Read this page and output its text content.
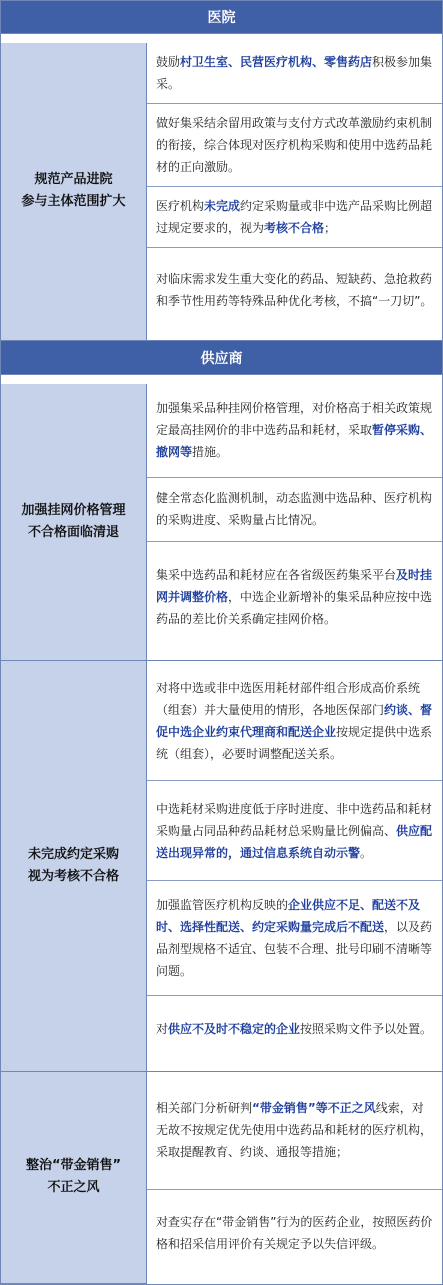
医院
规范产品进院
参与主体范围扩大

鼓励村卫生室、民营医疗机构、零售药店积极参加集采。

做好集采结余留用政策与支付方式改革激励约束机制的衔接，综合体现对医疗机构采购和使用中选药品耗材的正向激励。

医疗机构未完成约定采购量或非中选产品采购比例超过规定要求的，视为考核不合格；

对临床需求发生重大变化的药品、短缺药、急抢救药和季节性用药等特殊品种优化考核，不搞“一刀切”。

供应商
加强挂网价格管理
不合格面临清退

加强集采品种挂网价格管理，对价格高于相关政策规定最高挂网价的非中选药品和耗材，采取暂停采购、撤网等措施。

健全常态化监测机制，动态监测中选品种、医疗机构的采购进度、采购量占比情况。

集采中选药品和耗材应在各省级医药集采平台及时挂网并调整价格，中选企业新增补的集采品种应按中选药品的差比价关系确定挂网价格。

未完成约定采购
视为考核不合格

对将中选或非中选医用耗材部件组合形成高价系统（组套）并大量使用的情形，各地医保部门约谈、督促中选企业约束代理商和配送企业按规定提供中选系统（组套），必要时调整配送关系。

中选耗材采购进度低于序时进度、非中选药品和耗材采购量占同品种药品耗材总采购量比例偏高、供应配送出现异常的，通过信息系统自动示警。

加强监管医疗机构反映的企业供应不足、配送不及时、选择性配送、约定采购量完成后不配送，以及药品剂型规格不适宜、包装不合理、批号印刷不清晰等问题。

对供应不及时不稳定的企业按照采购文件予以处置。

整治“带金销售”
不正之风

相关部门分析研判“带金销售”等不正之风线索，对无故不按规定优先使用中选药品和耗材的医疗机构，采取提醒教育、约谈、通报等措施；

对查实存在“带金销售”行为的医药企业，按照医药价格和招采信用评价有关规定予以失信评级。
